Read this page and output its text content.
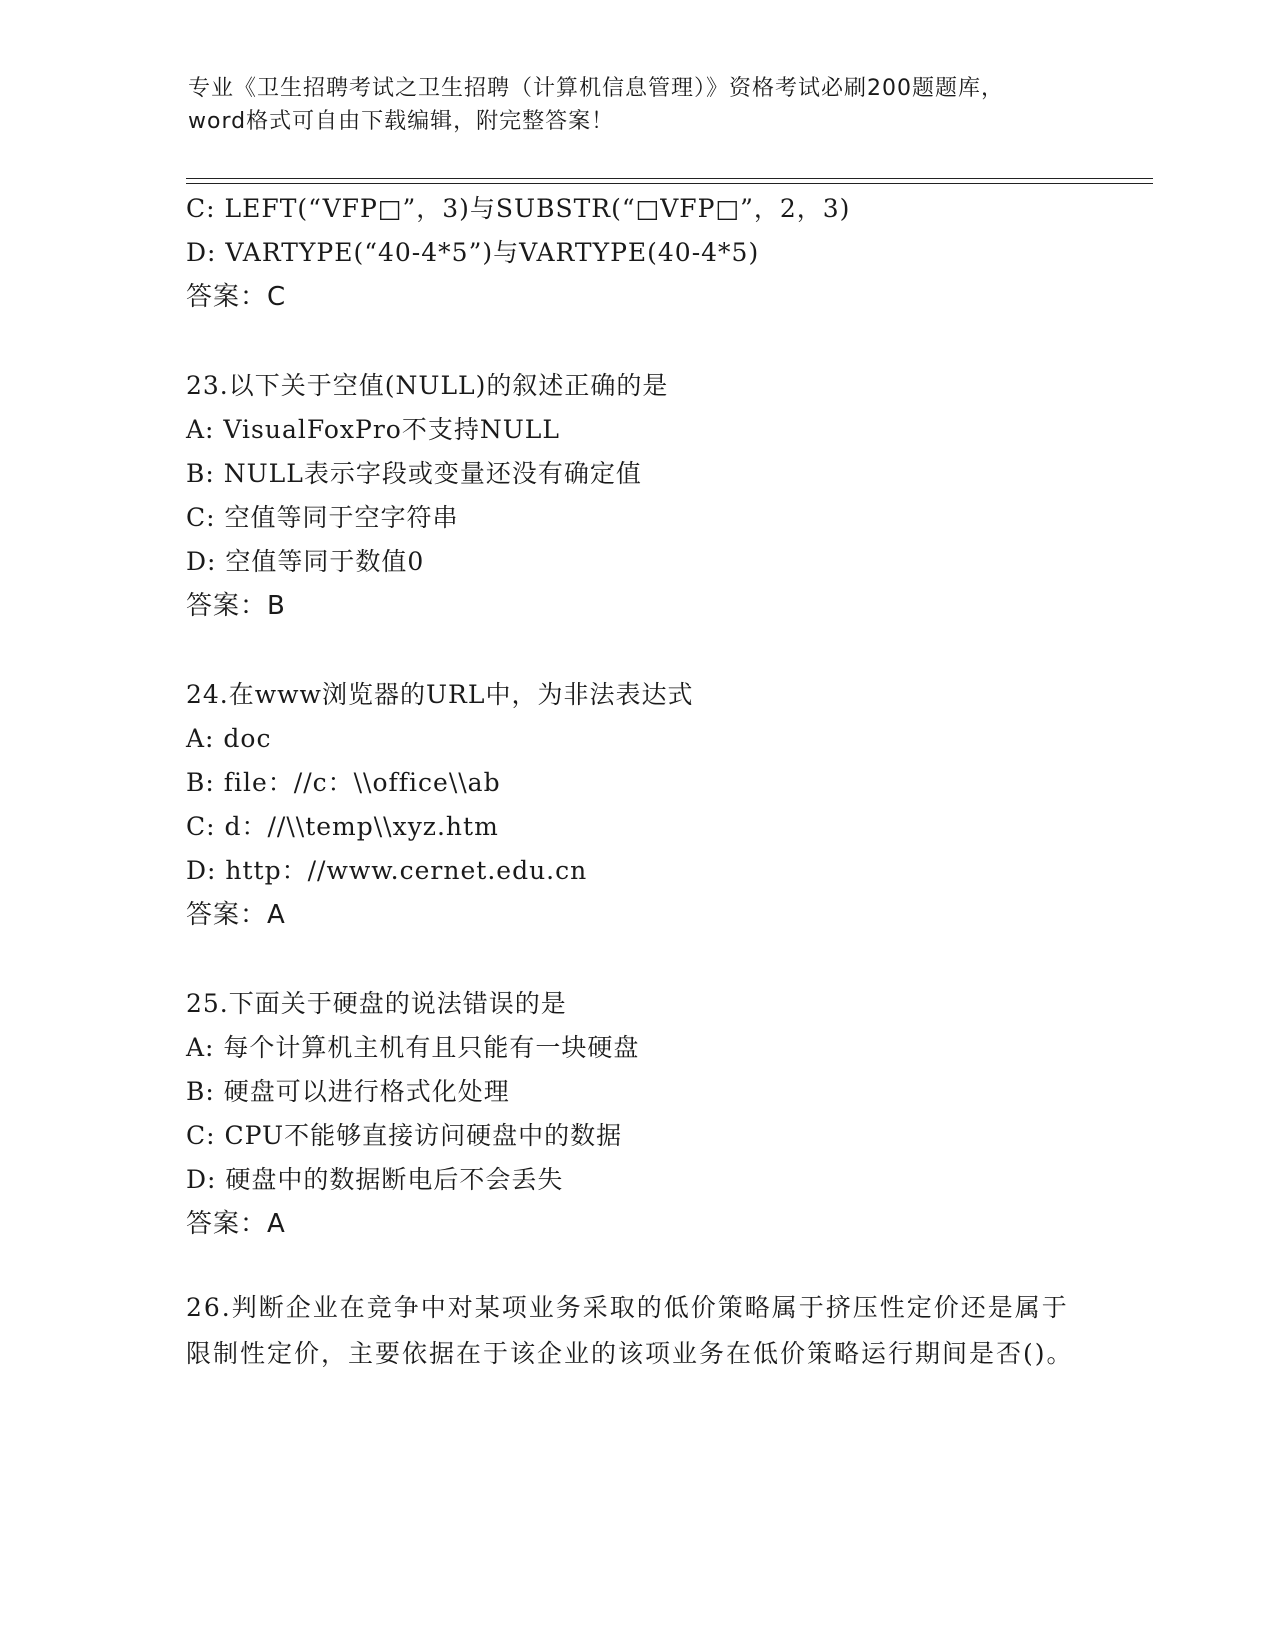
专业《卫生招聘考试之卫生招聘（计算机信息管理）》资格考试必刷200题题库，
word格式可自由下载编辑，附完整答案！
C: LEFT(“VFP□”，3)与SUBSTR(“□VFP□”，2，3)
D: VARTYPE(“40-4*5”)与VARTYPE(40-4*5)
答案：C
23.以下关于空值(NULL)的叙述正确的是
A: VisualFoxPro不支持NULL
B: NULL表示字段或变量还没有确定值
C: 空值等同于空字符串
D: 空值等同于数值0
答案：B
24.在www浏览器的URL中，为非法表达式
A: doc
B: file：//c：\\office\\ab
C: d：//\\temp\\xyz.htm
D: http：//www.cernet.edu.cn
答案：A
25.下面关于硬盘的说法错误的是
A: 每个计算机主机有且只能有一块硬盘
B: 硬盘可以进行格式化处理
C: CPU不能够直接访问硬盘中的数据
D: 硬盘中的数据断电后不会丢失
答案：A
26.判断企业在竞争中对某项业务采取的低价策略属于挤压性定价还是属于限制性定价，主要依据在于该企业的该项业务在低价策略运行期间是否()。
